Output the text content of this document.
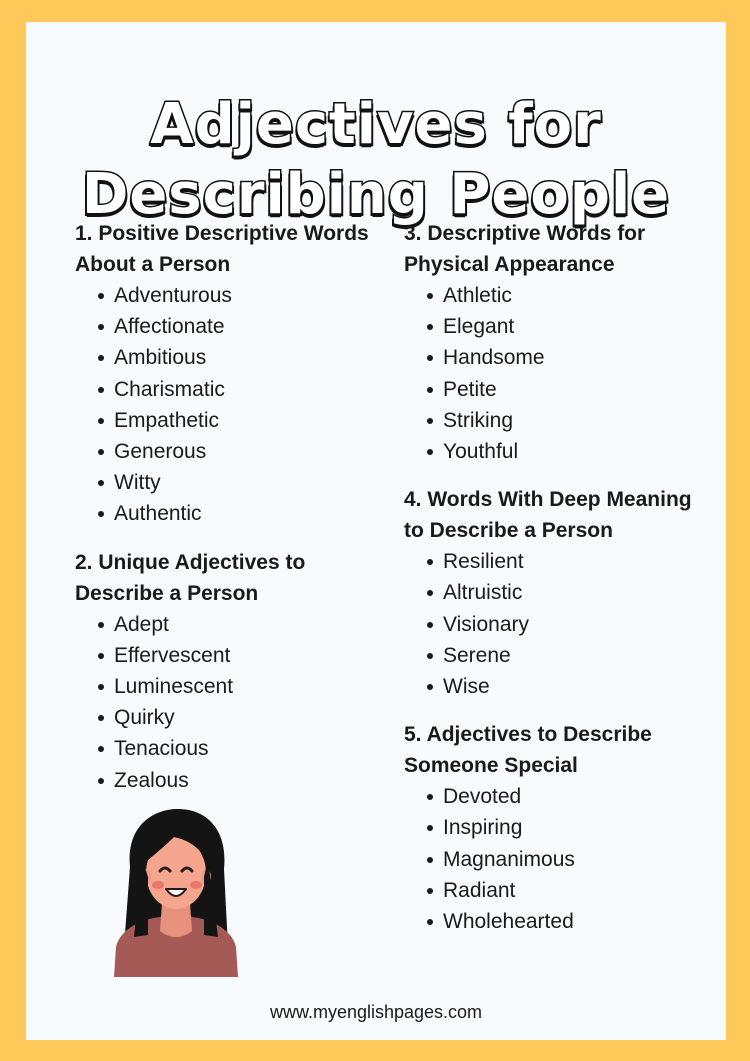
Adjectives for
Describing People

1. Positive Descriptive Words About a Person

Adventurous
Affectionate
Ambitious
Charismatic
Empathetic
Generous
Witty
Authentic

2. Unique Adjectives to Describe a Person

Adept
Effervescent
Luminescent
Quirky
Tenacious
Zealous

3. Descriptive Words for Physical Appearance

Athletic
Elegant
Handsome
Petite
Striking
Youthful

4. Words With Deep Meaning to Describe a Person

Resilient
Altruistic
Visionary
Serene
Wise

5. Adjectives to Describe Someone Special

Devoted
Inspiring
Magnanimous
Radiant
Wholehearted
www.myenglishpages.com
